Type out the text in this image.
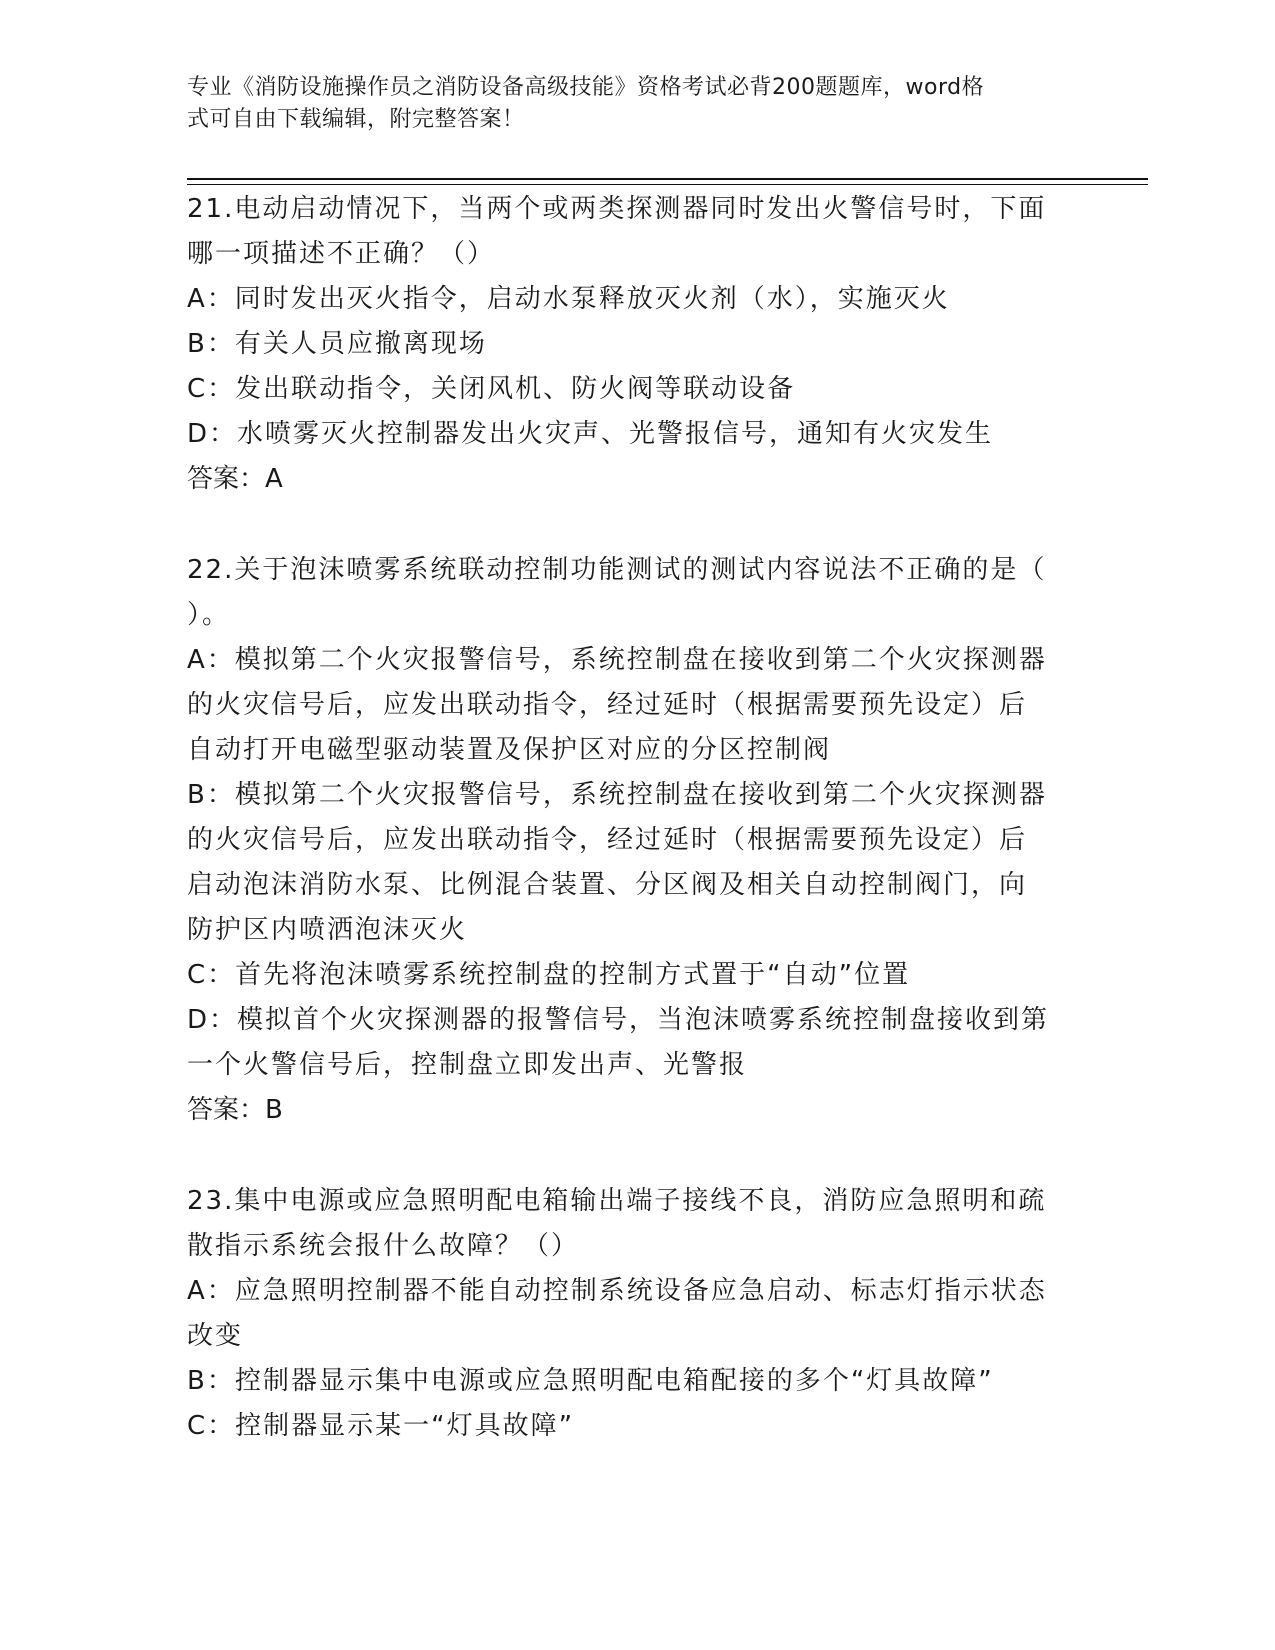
专业《消防设施操作员之消防设备高级技能》资格考试必背200题题库，word格
式可自由下载编辑，附完整答案！
21.电动启动情况下，当两个或两类探测器同时发出火警信号时，下面
哪一项描述不正确？（）
A：同时发出灭火指令，启动水泵释放灭火剂（水），实施灭火
B：有关人员应撤离现场
C：发出联动指令，关闭风机、防火阀等联动设备
D：水喷雾灭火控制器发出火灾声、光警报信号，通知有火灾发生
答案：A
22.关于泡沫喷雾系统联动控制功能测试的测试内容说法不正确的是（
）。
A：模拟第二个火灾报警信号，系统控制盘在接收到第二个火灾探测器
的火灾信号后，应发出联动指令，经过延时（根据需要预先设定）后
自动打开电磁型驱动装置及保护区对应的分区控制阀
B：模拟第二个火灾报警信号，系统控制盘在接收到第二个火灾探测器
的火灾信号后，应发出联动指令，经过延时（根据需要预先设定）后
启动泡沫消防水泵、比例混合装置、分区阀及相关自动控制阀门，向
防护区内喷洒泡沫灭火
C：首先将泡沫喷雾系统控制盘的控制方式置于“自动”位置
D：模拟首个火灾探测器的报警信号，当泡沫喷雾系统控制盘接收到第
一个火警信号后，控制盘立即发出声、光警报
答案：B
23.集中电源或应急照明配电箱输出端子接线不良，消防应急照明和疏
散指示系统会报什么故障？（）
A：应急照明控制器不能自动控制系统设备应急启动、标志灯指示状态
改变
B：控制器显示集中电源或应急照明配电箱配接的多个“灯具故障”
C：控制器显示某一“灯具故障”
